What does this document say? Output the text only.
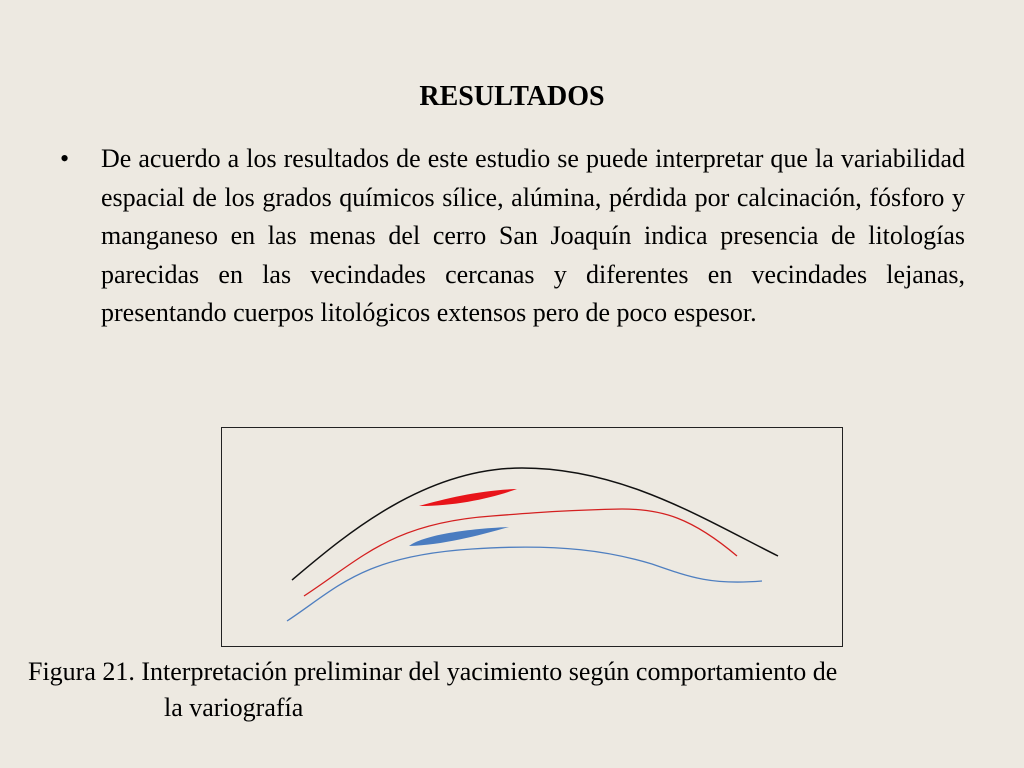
RESULTADOS
• De acuerdo a los resultados de este estudio se puede interpretar que la variabilidad espacial de los grados químicos sílice, alúmina, pérdida por calcinación, fósforo y manganeso en las menas del cerro San Joaquín indica presencia de litologías parecidas en las vecindades cercanas y diferentes en vecindades lejanas, presentando cuerpos litológicos extensos pero de poco espesor.
Figura 21. Interpretación preliminar del yacimiento según comportamiento de
la variografía
